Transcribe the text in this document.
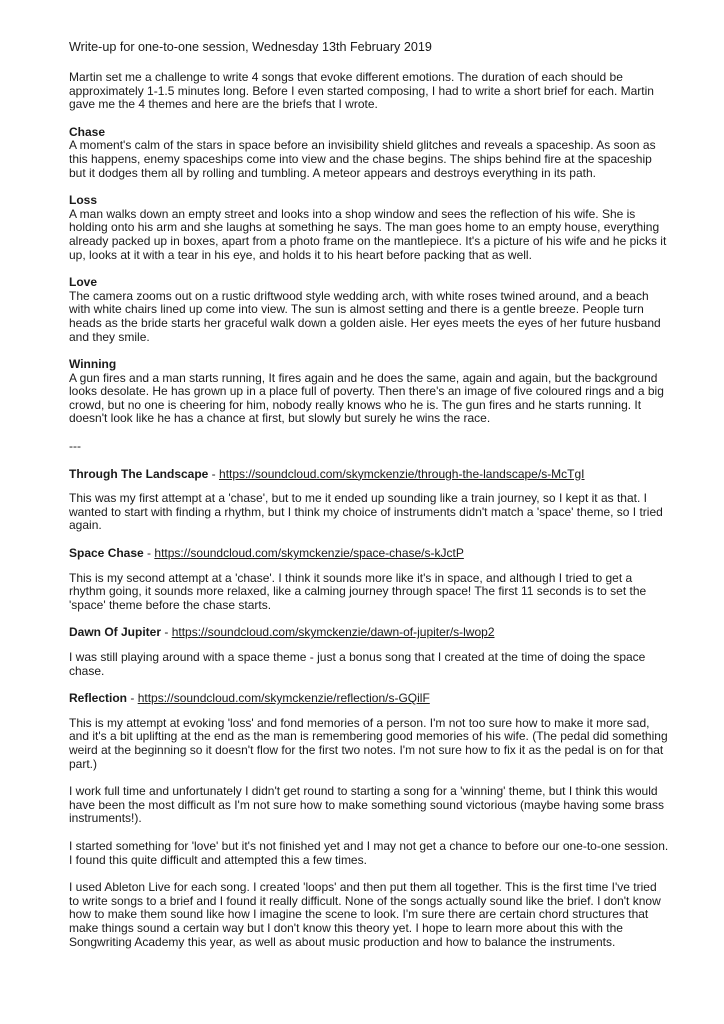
Write-up for one-to-one session, Wednesday 13th February 2019

Martin set me a challenge to write 4 songs that evoke different emotions. The duration of each should be approximately 1-1.5 minutes long. Before I even started composing, I had to write a short brief for each. Martin gave me the 4 themes and here are the briefs that I wrote.

Chase

A moment's calm of the stars in space before an invisibility shield glitches and reveals a spaceship. As soon as this happens, enemy spaceships come into view and the chase begins. The ships behind fire at the spaceship but it dodges them all by rolling and tumbling. A meteor appears and destroys everything in its path.

Loss

A man walks down an empty street and looks into a shop window and sees the reflection of his wife. She is holding onto his arm and she laughs at something he says. The man goes home to an empty house, everything already packed up in boxes, apart from a photo frame on the mantlepiece. It's a picture of his wife and he picks it up, looks at it with a tear in his eye, and holds it to his heart before packing that as well.

Love

The camera zooms out on a rustic driftwood style wedding arch, with white roses twined around, and a beach with white chairs lined up come into view. The sun is almost setting and there is a gentle breeze. People turn heads as the bride starts her graceful walk down a golden aisle. Her eyes meets the eyes of her future husband and they smile.

Winning

A gun fires and a man starts running, It fires again and he does the same, again and again, but the background looks desolate. He has grown up in a place full of poverty. Then there's an image of five coloured rings and a big crowd, but no one is cheering for him, nobody really knows who he is. The gun fires and he starts running. It doesn't look like he has a chance at first, but slowly but surely he wins the race.

---

Through The Landscape - https://soundcloud.com/skymckenzie/through-the-landscape/s-McTgI

This was my first attempt at a 'chase', but to me it ended up sounding like a train journey, so I kept it as that. I wanted to start with finding a rhythm, but I think my choice of instruments didn't match a 'space' theme, so I tried again.

Space Chase - https://soundcloud.com/skymckenzie/space-chase/s-kJctP

This is my second attempt at a 'chase'. I think it sounds more like it's in space, and although I tried to get a rhythm going, it sounds more relaxed, like a calming journey through space! The first 11 seconds is to set the 'space' theme before the chase starts.

Dawn Of Jupiter - https://soundcloud.com/skymckenzie/dawn-of-jupiter/s-lwop2

I was still playing around with a space theme - just a bonus song that I created at the time of doing the space chase.

Reflection - https://soundcloud.com/skymckenzie/reflection/s-GQilF

This is my attempt at evoking 'loss' and fond memories of a person. I'm not too sure how to make it more sad, and it's a bit uplifting at the end as the man is remembering good memories of his wife. (The pedal did something weird at the beginning so it doesn't flow for the first two notes. I'm not sure how to fix it as the pedal is on for that part.)

I work full time and unfortunately I didn't get round to starting a song for a 'winning' theme, but I think this would have been the most difficult as I'm not sure how to make something sound victorious (maybe having some brass instruments!).

I started something for 'love' but it's not finished yet and I may not get a chance to before our one-to-one session. I found this quite difficult and attempted this a few times.

I used Ableton Live for each song. I created 'loops' and then put them all together. This is the first time I've tried to write songs to a brief and I found it really difficult. None of the songs actually sound like the brief. I don't know how to make them sound like how I imagine the scene to look. I'm sure there are certain chord structures that make things sound a certain way but I don't know this theory yet. I hope to learn more about this with the Songwriting Academy this year, as well as about music production and how to balance the instruments.
